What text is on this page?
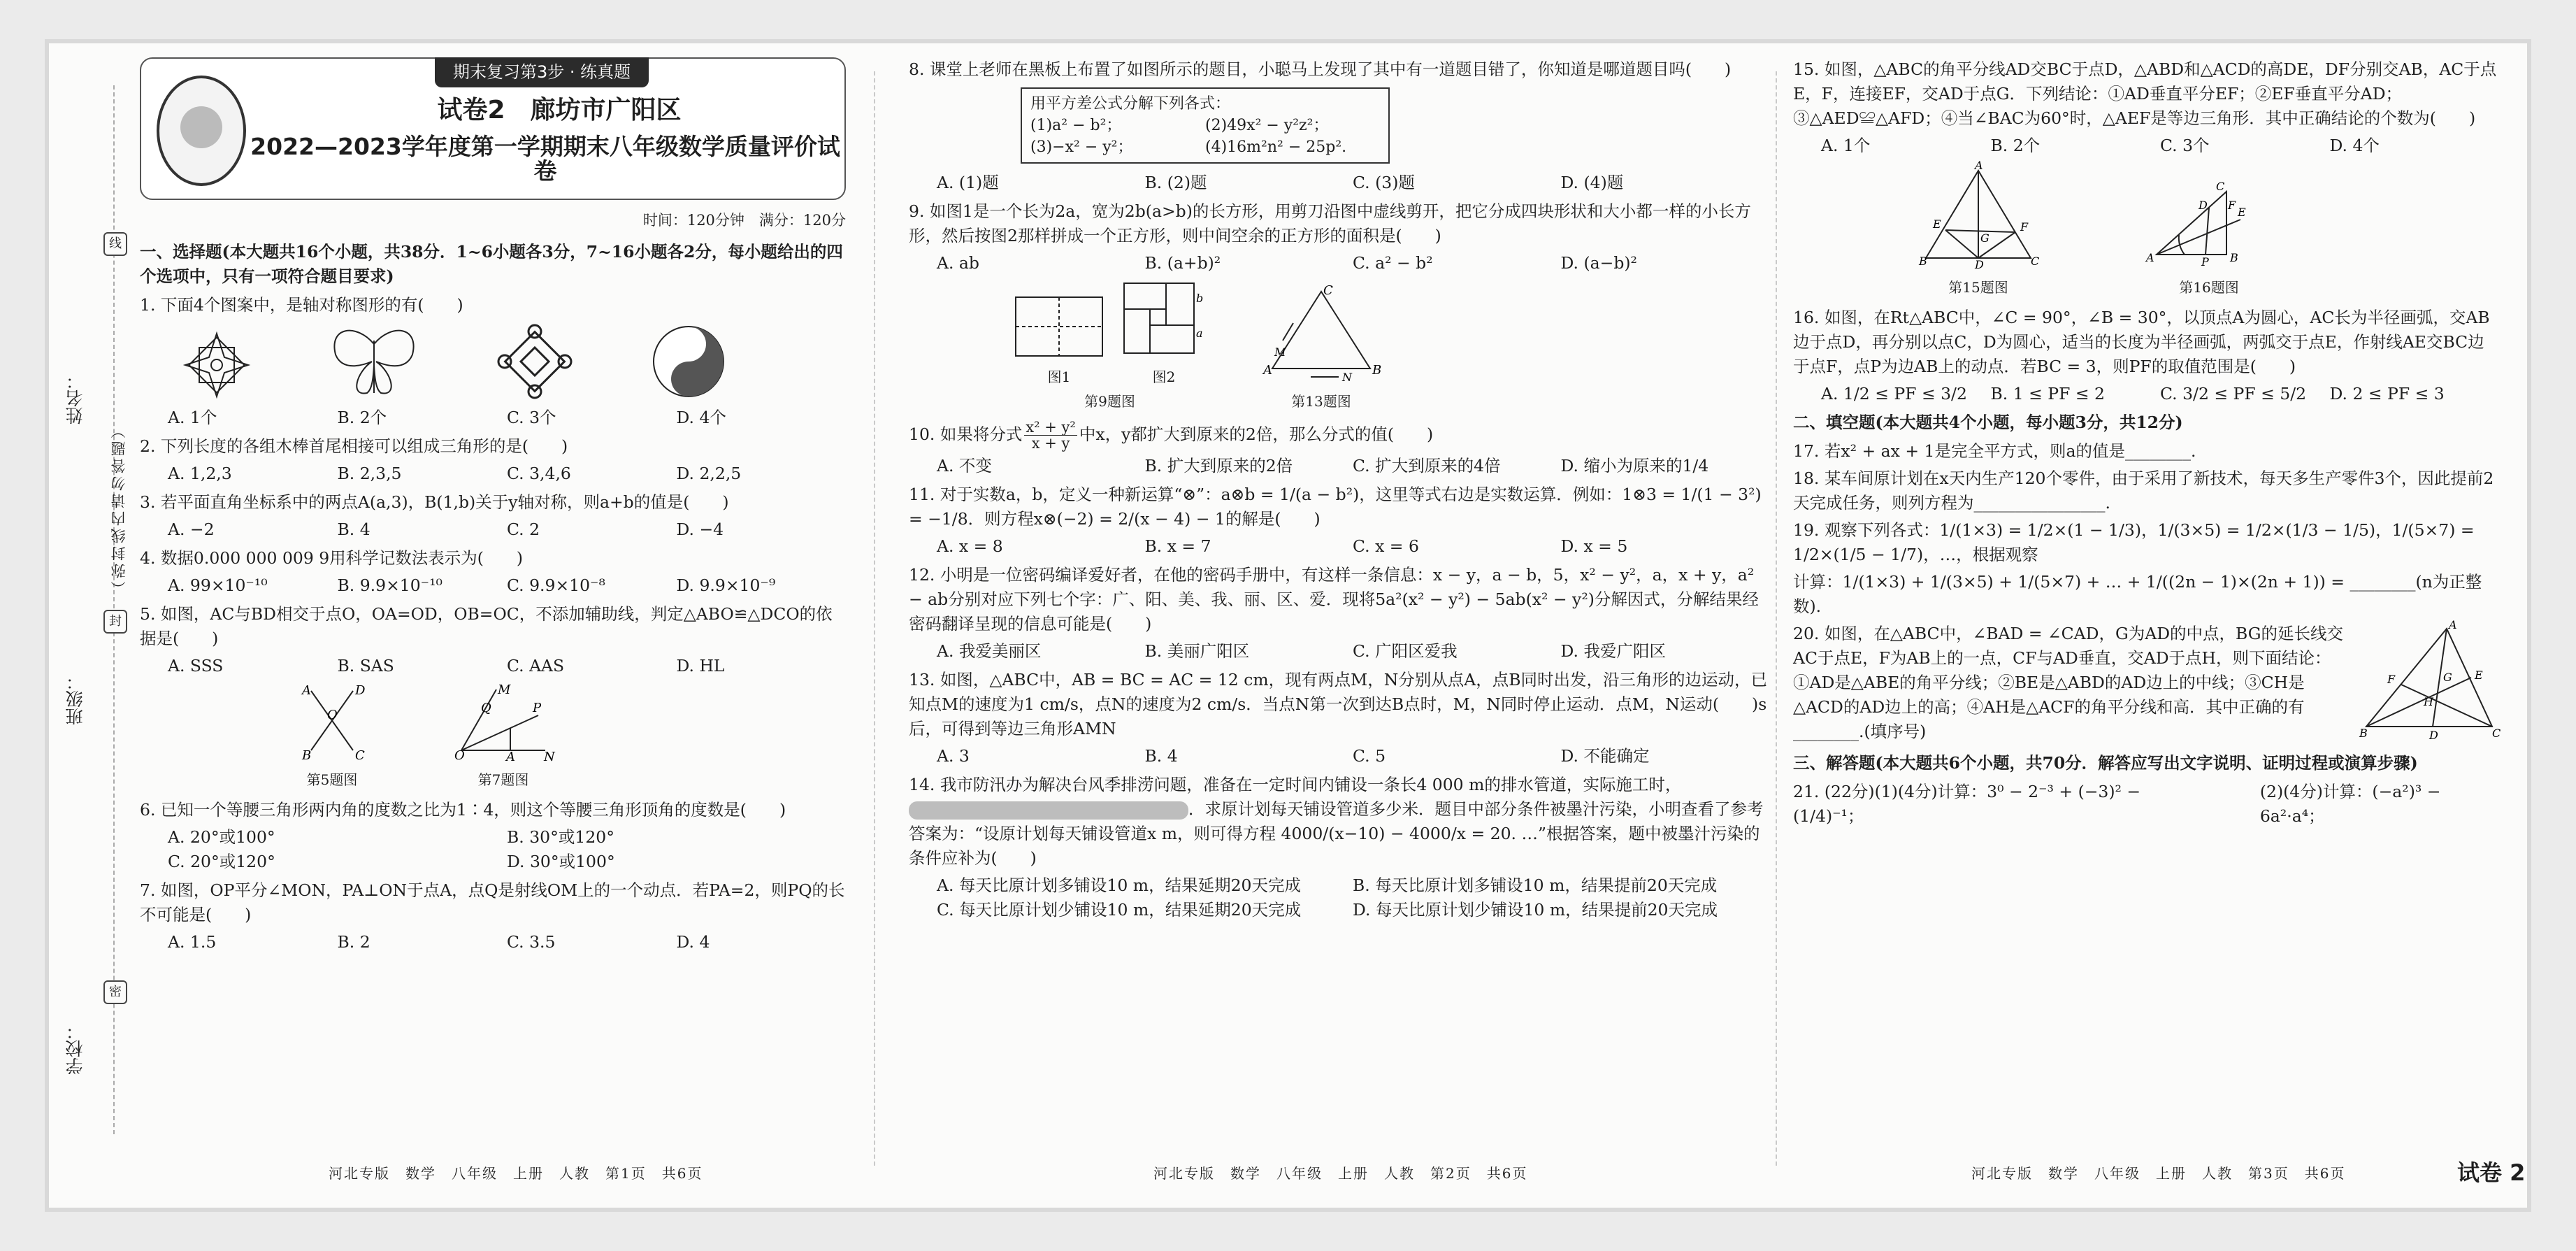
姓名：
班级：
学校：
（弥封线内请勿答题）
线
封
密
期末复习第3步 · 练真题
试卷2　廊坊市广阳区
2022—2023学年度第一学期期末八年级数学质量评价试卷
时间：120分钟　满分：120分
一、选择题(本大题共16个小题，共38分．1~6小题各3分，7~16小题各2分，每小题给出的四个选项中，只有一项符合题目要求)
1. 下面4个图案中，是轴对称图形的有(　　)
A. 1个	B. 2个	C. 3个	D. 4个
2. 下列长度的各组木棒首尾相接可以组成三角形的是(　　)
A. 1,2,3	B. 2,3,5	C. 3,4,6	D. 2,2,5
3. 若平面直角坐标系中的两点A(a,3)，B(1,b)关于y轴对称，则a+b的值是(　　)
A. −2	B. 4	C. 2	D. −4
4. 数据0.000 000 009 9用科学记数法表示为(　　)
A. 99×10⁻¹⁰	B. 9.9×10⁻¹⁰	C. 9.9×10⁻⁸	D. 9.9×10⁻⁹
5. 如图，AC与BD相交于点O，OA=OD，OB=OC，不添加辅助线，判定△ABO≌△DCO的依据是(　　)
A. SSS	B. SAS	C. AAS	D. HL
A	D
O
B	C
第5题图
M
Q	P
O	A N
第7题图
6. 已知一个等腰三角形两内角的度数之比为1∶4，则这个等腰三角形顶角的度数是(　　)
A. 20°或100°	B. 30°或120°
C. 20°或120°	D. 30°或100°
7. 如图，OP平分∠MON，PA⊥ON于点A，点Q是射线OM上的一个动点．若PA=2，则PQ的长不可能是(　　)
A. 1.5	B. 2	C. 3.5	D. 4
8. 课堂上老师在黑板上布置了如图所示的题目，小聪马上发现了其中有一道题目错了，你知道是哪道题目吗(　　)
用平方差公式分解下列各式：
(1)a² − b²；	(2)49x² − y²z²；
(3)−x² − y²；	(4)16m²n² − 25p².
A. (1)题	B. (2)题	C. (3)题	D. (4)题
9. 如图1是一个长为2a，宽为2b(a>b)的长方形，用剪刀沿图中虚线剪开，把它分成四块形状和大小都一样的小长方形，然后按图2那样拼成一个正方形，则中间空余的正方形的面积是(　　)
A. ab	B. (a+b)²	C. a² − b²	D. (a−b)²
图1
b
a
图2
第9题图
C
M
A	B
N
第13题图
10. 如果将分式 $\frac{\text{x² + y²}}{x + y}$ 中x，y都扩大到原来的2倍，那么分式的值(　　)
A. 不变	B. 扩大到原来的2倍	C. 扩大到原来的4倍	D. 缩小为原来的1/4
11. 对于实数a，b，定义一种新运算“⊗”：a⊗b = 1/(a − b²)，这里等式右边是实数运算．例如：1⊗3 = 1/(1 − 3²) = −1/8．则方程x⊗(−2) = 2/(x − 4) − 1的解是(　　)
A. x = 8	B. x = 7	C. x = 6	D. x = 5
12. 小明是一位密码编译爱好者，在他的密码手册中，有这样一条信息：x − y，a − b，5，x² − y²，a，x + y，a² − ab分别对应下列七个字：广、阳、美、我、丽、区、爱．现将5a²(x² − y²) − 5ab(x² − y²)分解因式，分解结果经密码翻译呈现的信息可能是(　　)
A. 我爱美丽区	B. 美丽广阳区	C. 广阳区爱我	D. 我爱广阳区
13. 如图，△ABC中，AB = BC = AC = 12 cm，现有两点M，N分别从点A，点B同时出发，沿三角形的边运动，已知点M的速度为1 cm/s，点N的速度为2 cm/s．当点N第一次到达B点时，M，N同时停止运动．点M，N运动(　　)s后，可得到等边三角形AMN
A. 3	B. 4	C. 5	D. 不能确定
14. 我市防汛办为解决台风季排涝问题，准备在一定时间内铺设一条长4 000 m的排水管道，实际施工时，
．求原计划每天铺设管道多少米．题目中部分条件被墨汁污染，小明查看了参考答案为：“设原计划每天铺设管道x m，则可得方程 4000/(x−10) − 4000/x = 20. …”根据答案，题中被墨汁污染的条件应补为(　　)
A. 每天比原计划多铺设10 m，结果延期20天完成	B. 每天比原计划多铺设10 m，结果提前20天完成
C. 每天比原计划少铺设10 m，结果延期20天完成	D. 每天比原计划少铺设10 m，结果提前20天完成
15. 如图，△ABC的角平分线AD交BC于点D，△ABD和△ACD的高DE，DF分别交AB，AC于点E，F，连接EF，交AD于点G．下列结论：①AD垂直平分EF；②EF垂直平分AD；③△AED≌△AFD；④当∠BAC为60°时，△AEF是等边三角形．其中正确结论的个数为(　　)
A. 1个	B. 2个	C. 3个	D. 4个
A
E	F
G
B	D	C
第15题图
C
F
E
D
A	P B
第16题图
16. 如图，在Rt△ABC中，∠C = 90°，∠B = 30°，以顶点A为圆心，AC长为半径画弧，交AB边于点D，再分别以点C，D为圆心，适当的长度为半径画弧，两弧交于点E，作射线AE交BC边于点F，点P为边AB上的动点．若BC = 3，则PF的取值范围是(　　)
A. 1/2 ≤ PF ≤ 3/2	B. 1 ≤ PF ≤ 2	C. 3/2 ≤ PF ≤ 5/2	D. 2 ≤ PF ≤ 3
二、填空题(本大题共4个小题，每小题3分，共12分)
17. 若x² + ax + 1是完全平方式，则a的值是________.
18. 某车间原计划在x天内生产120个零件，由于采用了新技术，每天多生产零件3个，因此提前2天完成任务，则列方程为________________.
19. 观察下列各式：1/(1×3) = 1/2×(1 − 1/3)，1/(3×5) = 1/2×(1/3 − 1/5)，1/(5×7) = 1/2×(1/5 − 1/7)，…，根据观察
计算：1/(1×3) + 1/(3×5) + 1/(5×7) + … + 1/((2n − 1)×(2n + 1)) = ________(n为正整数).
20. 如图，在△ABC中，∠BAD = ∠CAD，G为AD的中点，BG的延长线交AC于点E，F为AB上的一点，CF与AD垂直，交AD于点H，则下面结论：①AD是△ABE的角平分线；②BE是△ABD的AD边上的中线；③CH是△ACD的AD边上的高；④AH是△ACF的角平分线和高．其中正确的有________.(填序号)
A
E
G
F
H
B	D	C
三、解答题(本大题共6个小题，共70分．解答应写出文字说明、证明过程或演算步骤)
21. (22分)(1)(4分)计算：3⁰ − 2⁻³ + (−3)² − (1/4)⁻¹；
(2)(4分)计算：(−a²)³ − 6a²·a⁴；
河北专版　数学　八年级　上册　人教　第1页　共6页	河北专版　数学　八年级　上册　人教　第2页　共6页	河北专版　数学　八年级　上册　人教　第3页　共6页	试卷 2
